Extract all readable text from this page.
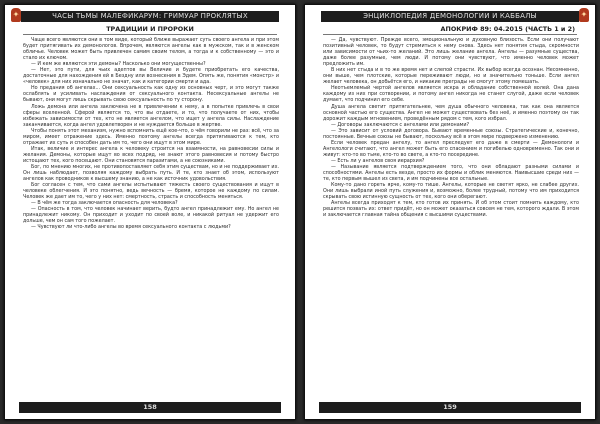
✦	ЧАСЫ ТЬМЫ МАЛЕФИКАРУМ: ГРИМУАР ПРОКЛЯТЫХ
ТРАДИЦИИ И ПРОРОКИ

Чаще всего являются они в том виде, который ближе выражает суть своего ангела и при этом будет притягивать их демонологов. Впрочем, являются ангелы как в мужском, так и в женском обличье. Человек может быть привлечен самим своим телом, а тогда и к собственному — это и стало их ключом.

— И кем же являются эти демоны? Насколько они могущественны?

— Нет, это пути, для чьих адептов вы Величие и будете приобретать его качества, достаточные для нахождения ей в Бездну или вознесения в Эдем. Опять же, понятия «монстр» и «человек» для них изначально не значат, как и категории смерти и ада.

Но предания об ангелах... Они сексуальность как одну из основных черт, и это могут также ослаблять и усиливать наслаждения от сексуального контакта. Несексуальные ангелы не бывают, они могут лишь скрывать свою сексуальность по ту сторону.

Ложь демона или ангела заключена не в привлечении к нему, а в попытке привлечь в свои сферы вселенной. Сферой является то, что вы отдаете, и то, что получаете от них, чтобы избежать зависимости от тех, кто не является ангелом, что ищет у ангела силы. Наслаждение заканчивается, когда ангел удовлетворен и не нуждается больше в жертве.

Чтобы понять этот механизм, нужно вспомнить ещё кое-что, о чём говорили не раз: всё, что за миром, имеет отражение здесь. Именно поэтому ангелы всегда притягиваются к тем, кто отражает их суть и способен дать им то, чего они ищут в этом мире.

Итак, величие и интерес ангела к человеку строится на взаимности, на равновесии силы и желания. Демоны, которые ищут во всех подряд, не знают этого равновесия и потому быстро истощают тех, кого посещают. Они становятся паразитами, а не союзниками.

Бог, по мнению многих, не противопоставляет себя этим существам, но и не поддерживает их. Он лишь наблюдает, позволяя каждому выбрать путь. И те, кто знает об этом, используют ангелов как проводников к высшему знанию, а не как источник удовольствия.

Бог согласен с тем, что сами ангелы испытывают тяжесть своего существования и ищут в человеке облегчения. И это понятно, ведь вечность — бремя, которое не каждому по силам. Человек же дает им то, чего у них нет: смертность, страсть и способность меняться.

— В чём же тогда заключается опасность для человека?

— Опасность в том, что человек начинает верить, будто ангел принадлежит ему. Но ангел не принадлежит никому. Он приходит и уходит по своей воле, и никакой ритуал не удержит его дольше, чем он сам того пожелает.

— Чувствуют ли что-либо ангелы во время сексуального контакта с людьми?

158
✦
ЭНЦИКЛОПЕДИЯ ДЕМОНОЛОГИИ И КАББАЛЫ
АПОКРИФ 89: 04.2015 (ЧАСТЬ 1 и 2)

— Да, чувствуют. Прежде всего, эмоциональную и духовную близость. Если они получают позитивный человек, то будут стремиться к нему снова. Здесь нет понятия стыда, скромности или зависимости от чьих-то желаний. Это лишь желание ангела. Ангелы — разумные существа, даже более разумные, чем люди. И потому они чувствуют, что именно человек может предложить им.

В них нет стыда и в то же время нет и слепой страсти. Их выбор всегда осознан. Несомненно, они выше, чем плотские, которые переживают люди, но и значительно тоньше. Если ангел желает человека, он добьётся его, и никакие преграды не смогут этому помешать.

Неотъемлемый чертой ангелов является искра и обладание собственной волей. Она дана каждому из них при сотворении, и потому ангел никогда не станет слугой, даже если человек думает, что подчинил его себе.

Душа ангела светит притягательнее, чем душа обычного человека, так как она является основной частью его существа. Ангел не может существовать без неё, и именно поэтому он так дорожит каждым мгновением, проведённым рядом с тем, кого избрал.

— Договоры заключаются с ангелами или демонами?

— Это зависит от условий договора. Бывают временные союзы. Стратегические и, конечно, постоянные. Вечные союзы не бывают, поскольку всё в этом мире подвержено изменению.

Если человек предан ангелу, то ангел преследует его даже в смерти — Демонологи и Ангелологи считают, что ангел может быть его спасением и погибелью одновременно. Так они и живут: кто-то во тьме, кто-то во свете, а кто-то посередине.

— Есть ли у ангелов своя иерархия?

— Называние является подтверждением того, что они обладают разными силами и способностями. Ангелы есть везде, просто их формы и облик меняются. Наивысшие среди них — те, кто первым вышел из света, и им подчинены все остальные.

Кому-то дано гореть ярче, кому-то тише. Ангелы, которые не светят ярко, не слабее других. Они лишь выбрали иной путь служения и, возможно, более трудный, потому что им приходится скрывать свою истинную сущность от тех, кого они оберегают.

Ангелы всегда приходят к тем, кто готов их принять. И об этом стоит помнить каждому, кто решится позвать их: ответ придёт, но он может оказаться совсем не тем, которого ждали. В этом и заключается главная тайна общения с высшими существами.

159
